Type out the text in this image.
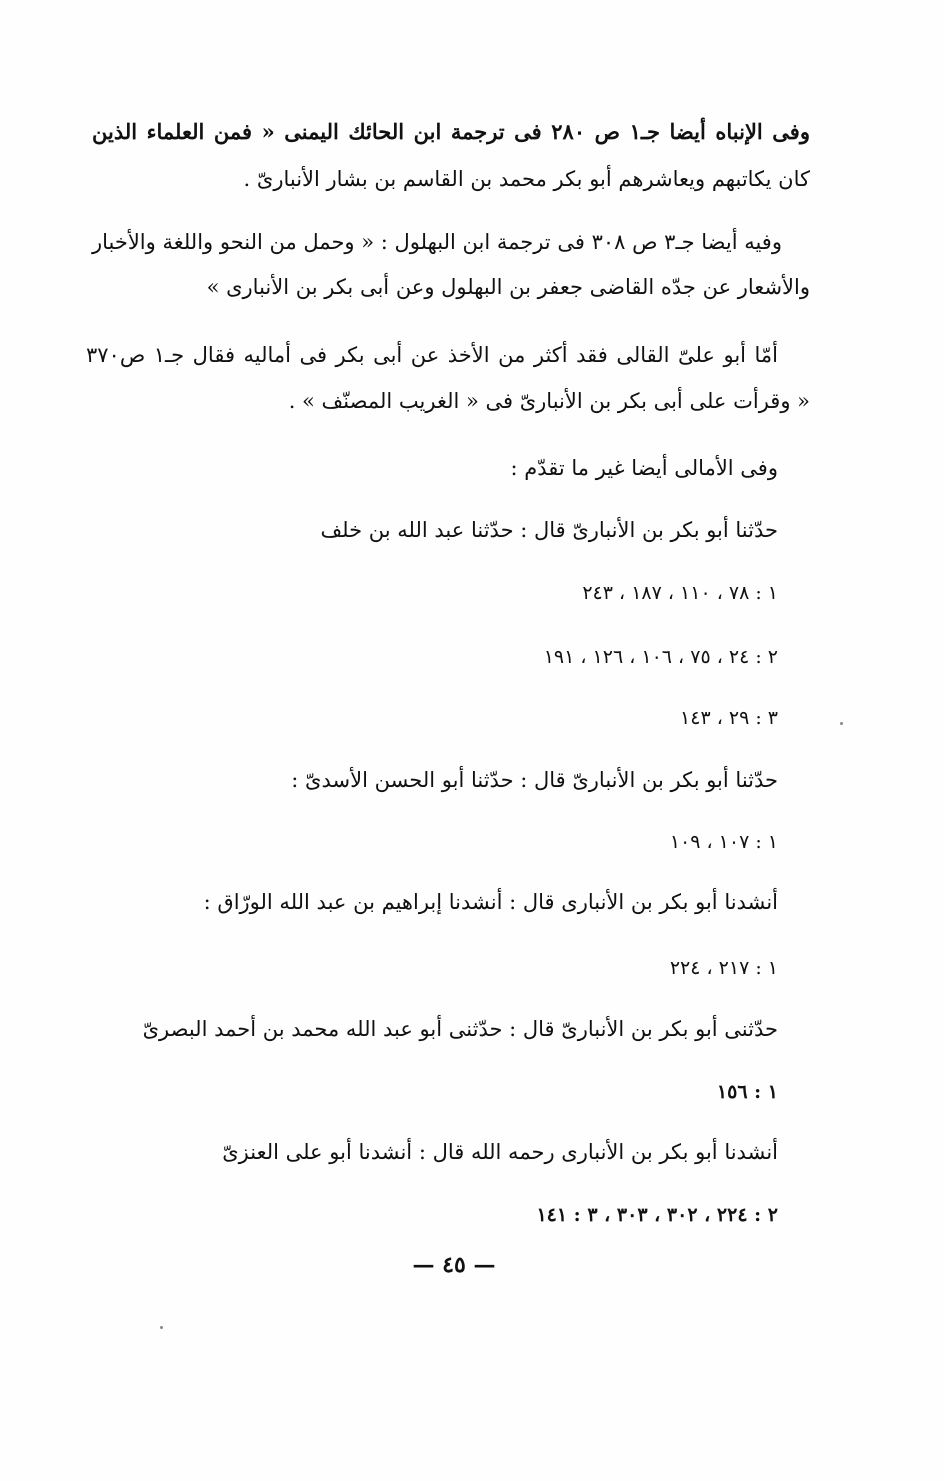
وفى الإنباه أيضا جـ١ ص ٢٨٠ فى ترجمة ابن الحائك اليمنى « فمن العلماء الذين
كان يكاتبهم ويعاشرهم أبو بكر محمد بن القاسم بن بشار الأنبارىّ .
وفيه أيضا جـ٣ ص ٣٠٨ فى ترجمة ابن البهلول : « وحمل من النحو واللغة والأخبار
والأشعار عن جدّه القاضى جعفر بن البهلول وعن أبى بكر بن الأنبارى »
أمّا أبو علىّ القالى فقد أكثر من الأخذ عن أبى بكر فى أماليه فقال جـ١ ص٣٧٠
« وقرأت على أبى بكر بن الأنبارىّ فى « الغريب المصنّف » .
وفى الأمالى أيضا غير ما تقدّم :
حدّثنا أبو بكر بن الأنبارىّ قال : حدّثنا عبد الله بن خلف
١ : ٧٨ ، ١١٠ ، ١٨٧ ، ٢٤٣
٢ : ٢٤ ، ٧٥ ، ١٠٦ ، ١٢٦ ، ١٩١
٣ : ٢٩ ، ١٤٣
حدّثنا أبو بكر بن الأنبارىّ قال : حدّثنا أبو الحسن الأسدىّ :
١ : ١٠٧ ، ١٠٩
أنشدنا أبو بكر بن الأنبارى قال : أنشدنا إبراهيم بن عبد الله الورّاق :
١ : ٢١٧ ، ٢٢٤
حدّثنى أبو بكر بن الأنبارىّ قال : حدّثنى أبو عبد الله محمد بن أحمد البصرىّ
١ : ١٥٦
أنشدنا أبو بكر بن الأنبارى رحمه الله قال : أنشدنا أبو على العنزىّ
٢ : ٢٢٤ ، ٣٠٢ ، ٣٠٣ ، ٣ : ١٤١
— ٤٥ —
